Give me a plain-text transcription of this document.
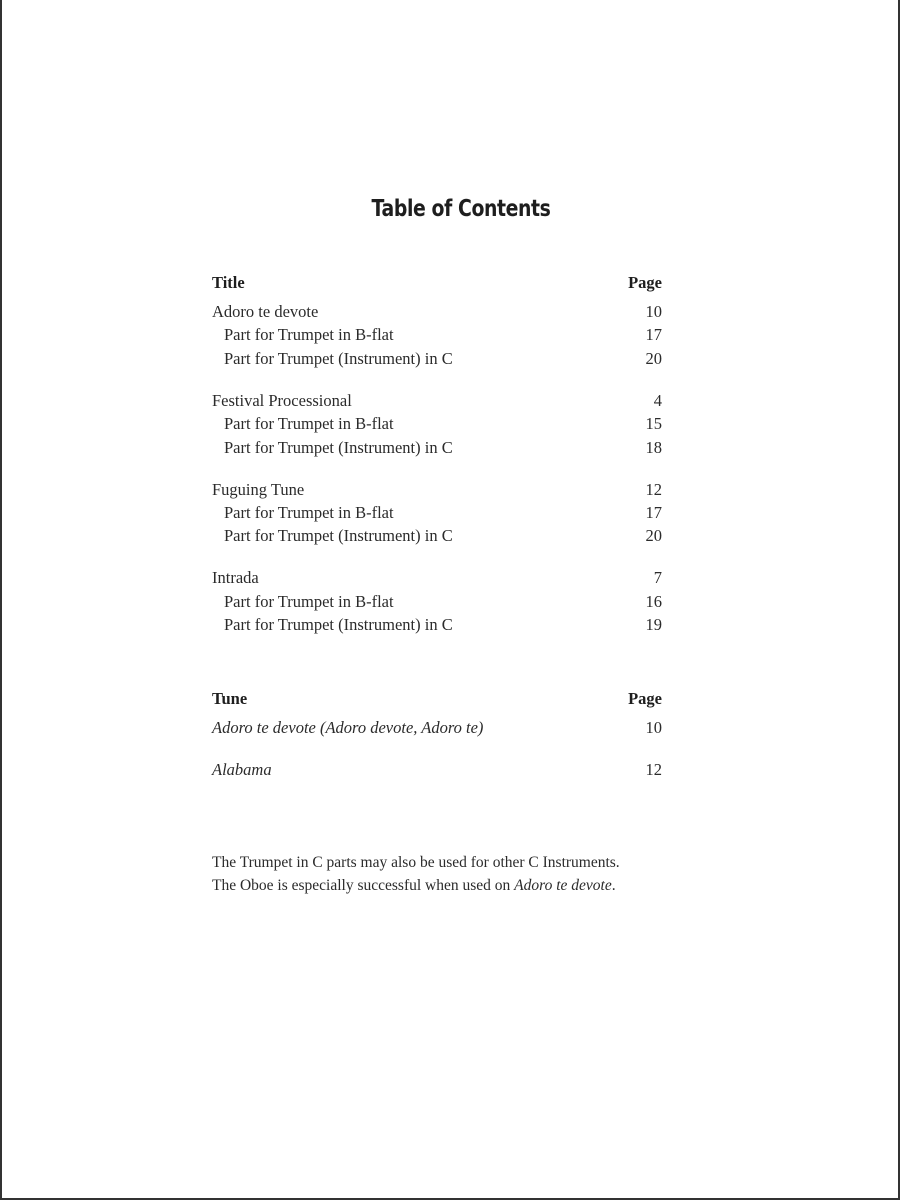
Table of Contents
Title	Page
Adoro te devote	10
Part for Trumpet in B-flat	17
Part for Trumpet (Instrument) in C	20
Festival Processional	4
Part for Trumpet in B-flat	15
Part for Trumpet (Instrument) in C	18
Fuguing Tune	12
Part for Trumpet in B-flat	17
Part for Trumpet (Instrument) in C	20
Intrada	7
Part for Trumpet in B-flat	16
Part for Trumpet (Instrument) in C	19
Tune	Page
Adoro te devote (Adoro devote, Adoro te)	10
Alabama	12
The Trumpet in C parts may also be used for other C Instruments.
The Oboe is especially successful when used on Adoro te devote.
